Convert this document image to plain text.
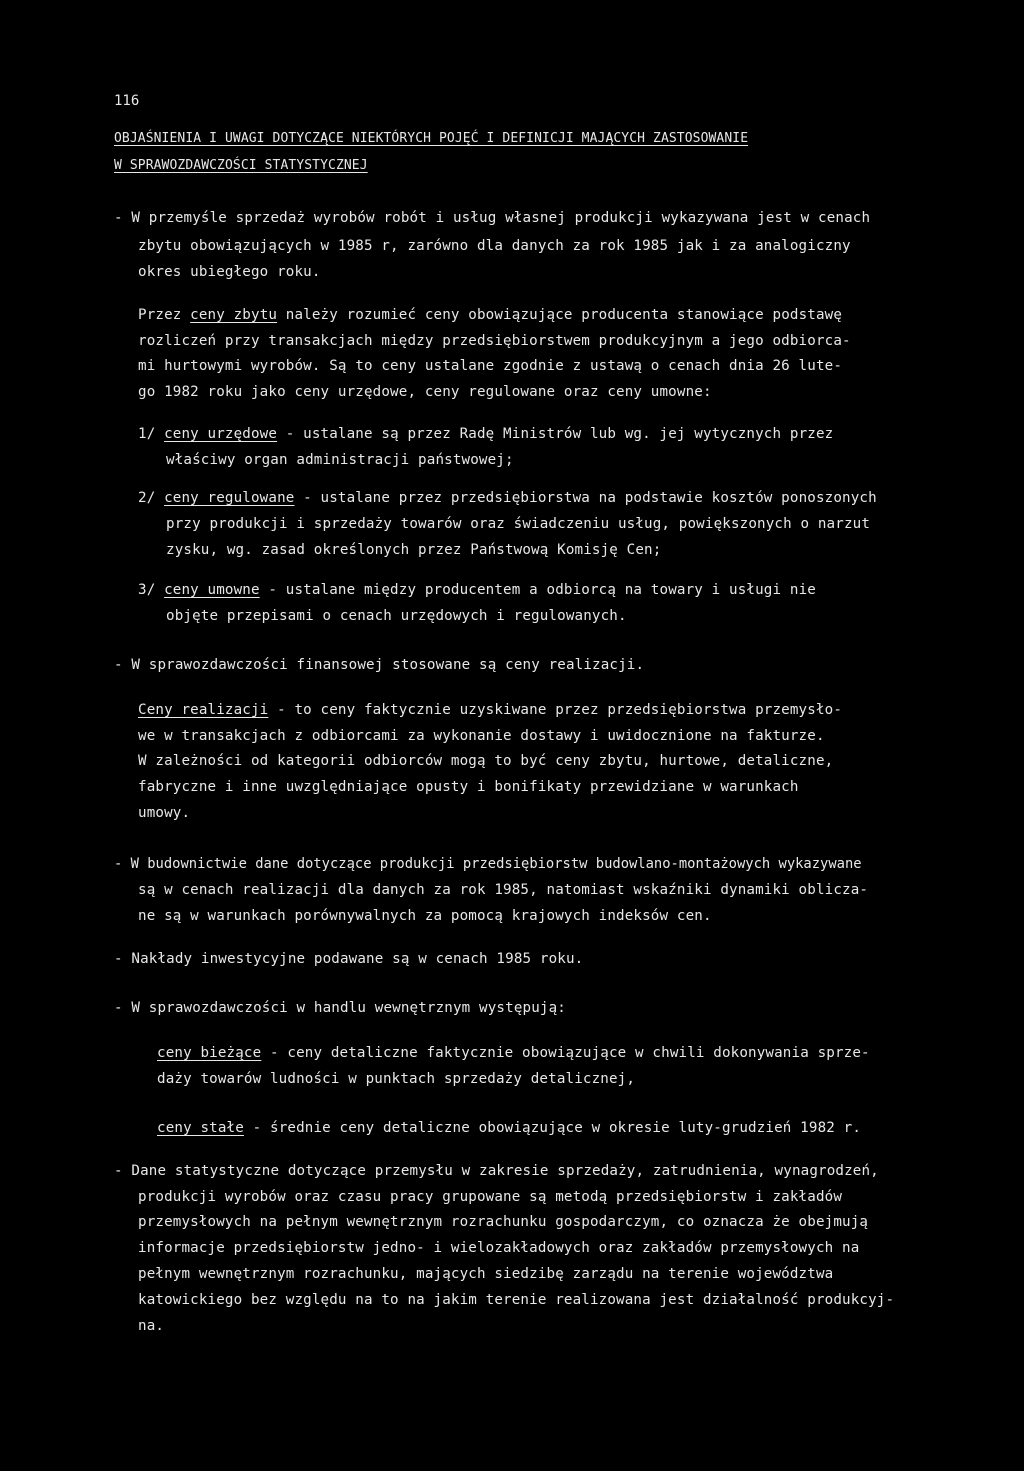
116
OBJAŚNIENIA I UWAGI DOTYCZĄCE NIEKTÓRYCH POJĘĆ I DEFINICJI MAJĄCYCH ZASTOSOWANIE
W SPRAWOZDAWCZOŚCI STATYSTYCZNEJ
- W przemyśle sprzedaż wyrobów robót i usług własnej produkcji wykazywana jest w cenach
zbytu obowiązujących w 1985 r, zarówno dla danych za rok 1985 jak i za analogiczny
okres ubiegłego roku.
Przez ceny zbytu należy rozumieć ceny obowiązujące producenta stanowiące podstawę
rozliczeń przy transakcjach między przedsiębiorstwem produkcyjnym a jego odbiorca-
mi hurtowymi wyrobów. Są to ceny ustalane zgodnie z ustawą o cenach dnia 26 lute-
go 1982 roku jako ceny urzędowe, ceny regulowane oraz ceny umowne:
1/ ceny urzędowe - ustalane są przez Radę Ministrów lub wg. jej wytycznych przez
właściwy organ administracji państwowej;
2/ ceny regulowane - ustalane przez przedsiębiorstwa na podstawie kosztów ponoszonych
przy produkcji i sprzedaży towarów oraz świadczeniu usług, powiększonych o narzut
zysku, wg. zasad określonych przez Państwową Komisję Cen;
3/ ceny umowne - ustalane między producentem a odbiorcą na towary i usługi nie
objęte przepisami o cenach urzędowych i regulowanych.
- W sprawozdawczości finansowej stosowane są ceny realizacji.
Ceny realizacji - to ceny faktycznie uzyskiwane przez przedsiębiorstwa przemysło-
we w transakcjach z odbiorcami za wykonanie dostawy i uwidocznione na fakturze.
W zależności od kategorii odbiorców mogą to być ceny zbytu, hurtowe, detaliczne,
fabryczne i inne uwzględniające opusty i bonifikaty przewidziane w warunkach
umowy.
- W budownictwie dane dotyczące produkcji przedsiębiorstw budowlano-montażowych wykazywane
są w cenach realizacji dla danych za rok 1985, natomiast wskaźniki dynamiki oblicza-
ne są w warunkach porównywalnych za pomocą krajowych indeksów cen.
- Nakłady inwestycyjne podawane są w cenach 1985 roku.
- W sprawozdawczości w handlu wewnętrznym występują:
ceny bieżące - ceny detaliczne faktycznie obowiązujące w chwili dokonywania sprze-
daży towarów ludności w punktach sprzedaży detalicznej,
ceny stałe - średnie ceny detaliczne obowiązujące w okresie luty-grudzień 1982 r.
- Dane statystyczne dotyczące przemysłu w zakresie sprzedaży, zatrudnienia, wynagrodzeń,
produkcji wyrobów oraz czasu pracy grupowane są metodą przedsiębiorstw i zakładów
przemysłowych na pełnym wewnętrznym rozrachunku gospodarczym, co oznacza że obejmują
informacje przedsiębiorstw jedno- i wielozakładowych oraz zakładów przemysłowych na
pełnym wewnętrznym rozrachunku, mających siedzibę zarządu na terenie województwa
katowickiego bez względu na to na jakim terenie realizowana jest działalność produkcyj-
na.
